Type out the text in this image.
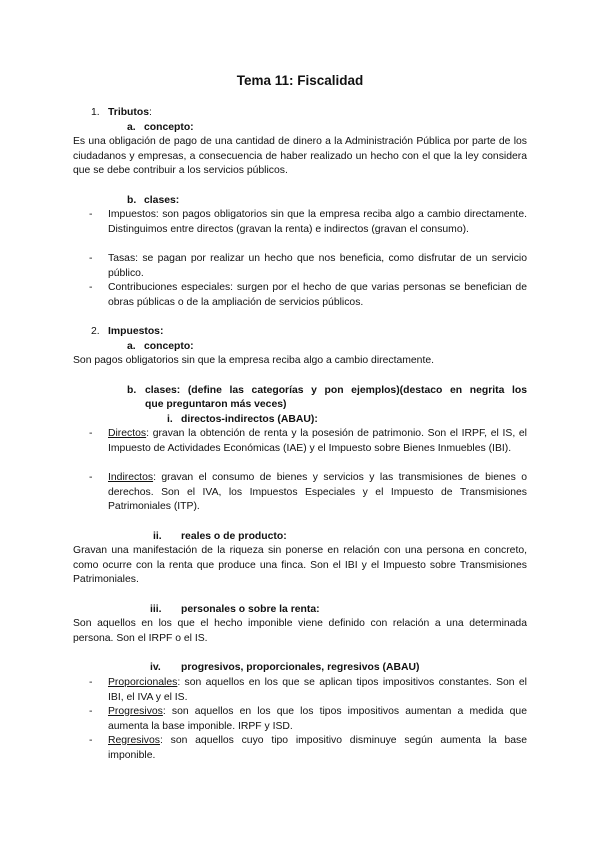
Tema 11: Fiscalidad
1. Tributos:
a. concepto:
Es una obligación de pago de una cantidad de dinero a la Administración Pública por parte de los ciudadanos y empresas, a consecuencia de haber realizado un hecho con el que la ley considera que se debe contribuir a los servicios públicos.
b. clases:
- Impuestos: son pagos obligatorios sin que la empresa reciba algo a cambio directamente. Distinguimos entre directos (gravan la renta) e indirectos (gravan el consumo).
- Tasas: se pagan por realizar un hecho que nos beneficia, como disfrutar de un servicio público.
- Contribuciones especiales: surgen por el hecho de que varias personas se benefician de obras públicas o de la ampliación de servicios públicos.
2. Impuestos:
a. concepto:
Son pagos obligatorios sin que la empresa reciba algo a cambio directamente.
b. clases: (define las categorías y pon ejemplos)(destaco en negrita los
que preguntaron más veces)
i. directos-indirectos (ABAU):
- Directos: gravan la obtención de renta y la posesión de patrimonio. Son el IRPF, el IS, el Impuesto de Actividades Económicas (IAE) y el Impuesto sobre Bienes Inmuebles (IBI).
- Indirectos: gravan el consumo de bienes y servicios y las transmisiones de bienes o derechos. Son el IVA, los Impuestos Especiales y el Impuesto de Transmisiones Patrimoniales (ITP).
ii. reales o de producto:
Gravan una manifestación de la riqueza sin ponerse en relación con una persona en concreto, como ocurre con la renta que produce una finca. Son el IBI y el Impuesto sobre Transmisiones Patrimoniales.
iii. personales o sobre la renta:
Son aquellos en los que el hecho imponible viene definido con relación a una determinada persona. Son el IRPF o el IS.
iv. progresivos, proporcionales, regresivos (ABAU)
- Proporcionales: son aquellos en los que se aplican tipos impositivos constantes. Son el IBI, el IVA y el IS.
- Progresivos: son aquellos en los que los tipos impositivos aumentan a medida que aumenta la base imponible. IRPF y ISD.
- Regresivos: son aquellos cuyo tipo impositivo disminuye según aumenta la base imponible.
